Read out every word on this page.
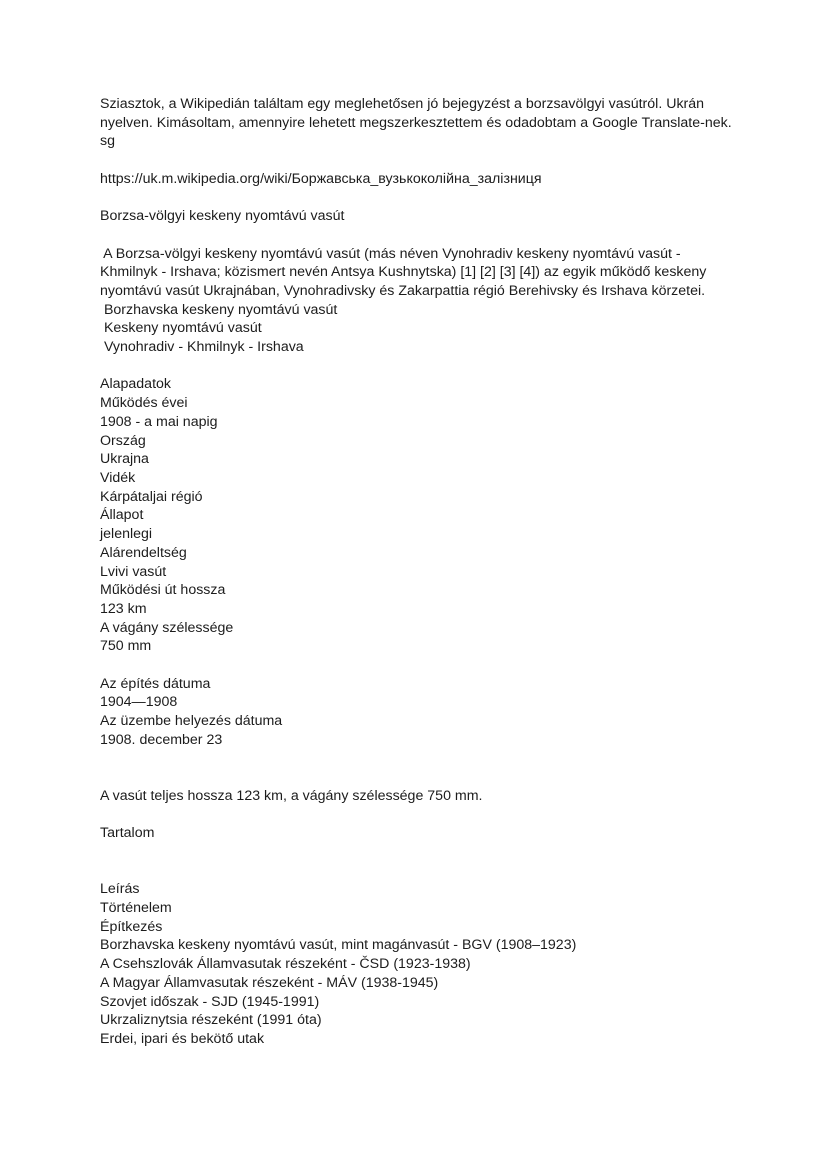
Sziasztok, a Wikipedián találtam egy meglehetősen jó bejegyzést a borzsavölgyi vasútról. Ukrán
nyelven. Kimásoltam, amennyire lehetett megszerkesztettem és odadobtam a Google Translate-nek.
sg
https://uk.m.wikipedia.org/wiki/Боржавська_вузькоколійна_залізниця
Borzsa-völgyi keskeny nyomtávú vasút
A Borzsa-völgyi keskeny nyomtávú vasút (más néven Vynohradiv keskeny nyomtávú vasút -
Khmilnyk - Irshava; közismert nevén Antsya Kushnytska) [1] [2] [3] [4]) az egyik működő keskeny
nyomtávú vasút Ukrajnában, Vynohradivsky és Zakarpattia régió Berehivsky és Irshava körzetei.
Borzhavska keskeny nyomtávú vasút
Keskeny nyomtávú vasút
Vynohradiv - Khmilnyk - Irshava
Alapadatok
Működés évei
1908 - a mai napig
Ország
Ukrajna
Vidék
Kárpátaljai régió
Állapot
jelenlegi
Alárendeltség
Lvivi vasút
Működési út hossza
123 km
A vágány szélessége
750 mm
Az építés dátuma
1904—1908
Az üzembe helyezés dátuma
1908. december 23
A vasút teljes hossza 123 km, a vágány szélessége 750 mm.
Tartalom
Leírás
Történelem
Építkezés
Borzhavska keskeny nyomtávú vasút, mint magánvasút - BGV (1908–1923)
A Csehszlovák Államvasutak részeként - ČSD (1923-1938)
A Magyar Államvasutak részeként - MÁV (1938-1945)
Szovjet időszak - SJD (1945-1991)
Ukrzaliznytsia részeként (1991 óta)
Erdei, ipari és bekötő utak
